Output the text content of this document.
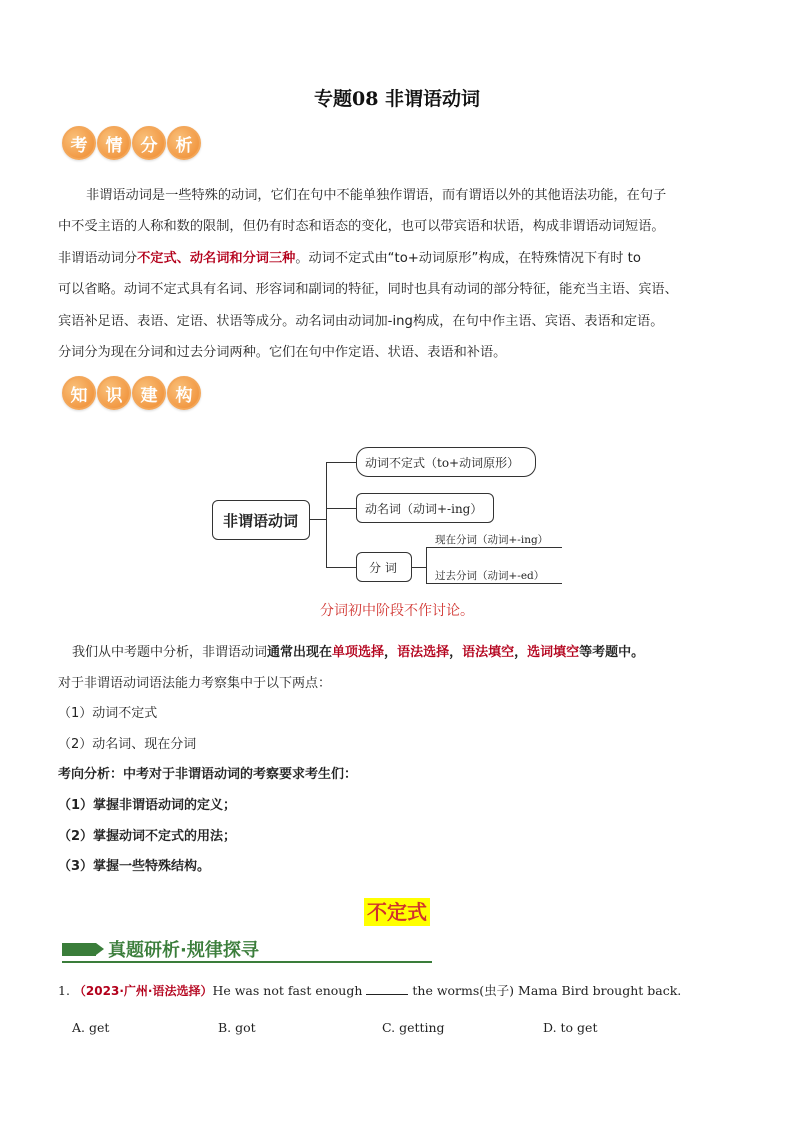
专题08 非谓语动词
考	情	分	析

非谓语动词是一些特殊的动词，它们在句中不能单独作谓语，而有谓语以外的其他语法功能，在句子

中不受主语的人称和数的限制，但仍有时态和语态的变化，也可以带宾语和状语，构成非谓语动词短语。

非谓语动词分不定式、动名词和分词三种。动词不定式由“to+动词原形”构成，在特殊情况下有时 to

可以省略。动词不定式具有名词、形容词和副词的特征，同时也具有动词的部分特征，能充当主语、宾语、

宾语补足语、表语、定语、状语等成分。动名词由动词加-ing构成，在句中作主语、宾语、表语和定语。

分词分为现在分词和过去分词两种。它们在句中作定语、状语、表语和补语。

知	识	建	构
非谓语动词
动词不定式（to+动词原形）
动名词（动词+-ing）
分 词
现在分词（动词+-ing）
过去分词（动词+-ed）
分词初中阶段不作讨论。
我们从中考题中分析，非谓语动词通常出现在单项选择，语法选择，语法填空，选词填空等考题中。
对于非谓语动词语法能力考察集中于以下两点：
（1）动词不定式
（2）动名词、现在分词
考向分析：中考对于非谓语动词的考察要求考生们：
（1）掌握非谓语动词的定义；
（2）掌握动词不定式的用法；
（3）掌握一些特殊结构。
不定式
真题研析·规律探寻
1. （2023·广州·语法选择）He was not fast enough	the worms(虫子) Mama Bird brought back.
A. get	B. got	C. getting	D. to get
